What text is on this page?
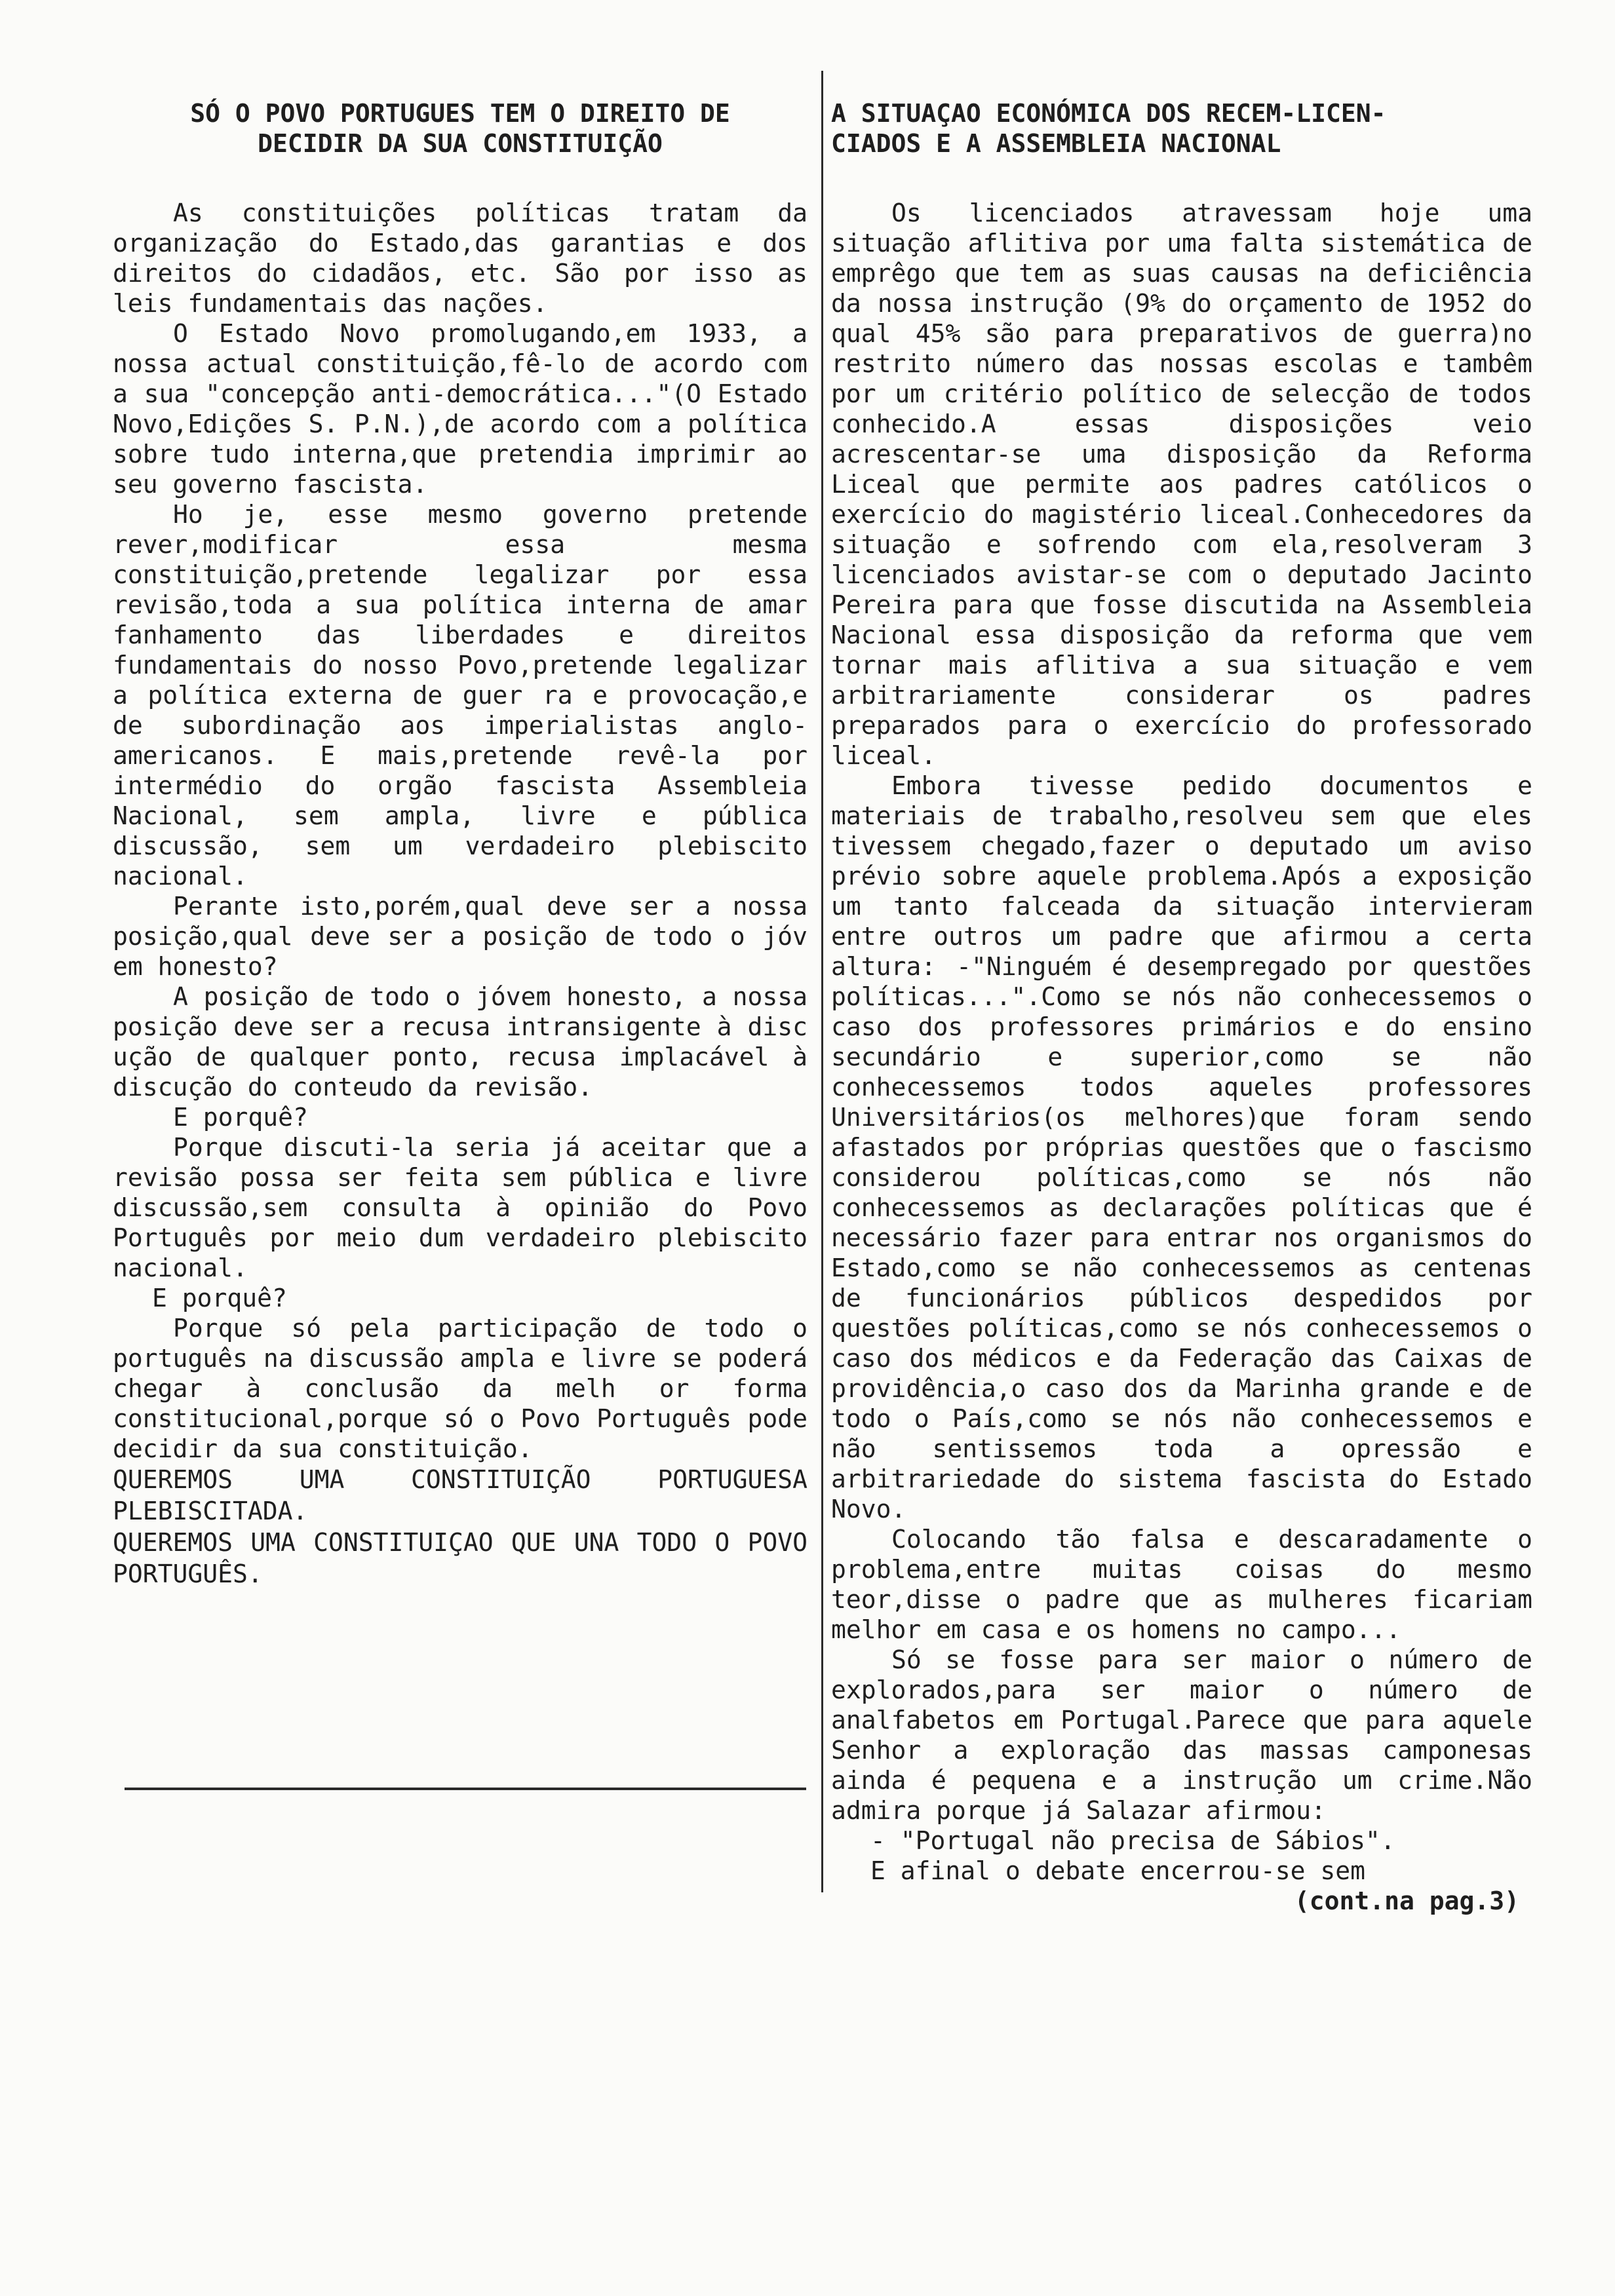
SÓ O POVO PORTUGUES TEM O DIREITO DE
DECIDIR DA SUA CONSTITUIÇÃO

As constituições políticas tratam da organização do Estado,das garantias e dos direitos do cidadãos, etc. São por isso as leis fundamentais das nações.

O Estado Novo promolugando,em 1933, a nossa actual constituição,fê-lo de acordo com a sua "concepção anti-democrática..."(O Estado Novo,Edições S. P.N.),de acordo com a política sobre tudo interna,que pretendia imprimir ao seu governo fascista.

Ho je, esse mesmo governo pretende rever,modificar essa mesma constituição,pretende legalizar por essa revisão,toda a sua política interna de amar fanhamento das liberdades e direitos fundamentais do nosso Povo,pretende legalizar a política externa de guer ra e provocação,e de subordinação aos imperialistas anglo-americanos. E mais,pretende revê-la por intermédio do orgão fascista Assembleia Nacional, sem ampla, livre e pública discussão, sem um verdadeiro plebiscito nacional.

Perante isto,porém,qual deve ser a nossa posição,qual deve ser a posição de todo o jóv em honesto?

A posição de todo o jóvem honesto, a nossa posição deve ser a recusa intransigente à disc ução de qualquer ponto, recusa implacável à discução do conteudo da revisão.

E porquê?

Porque discuti-la seria já aceitar que a revisão possa ser feita sem pública e livre discussão,sem consulta à opinião do Povo Português por meio dum verdadeiro plebiscito nacional.

E porquê?

Porque só pela participação de todo o português na discussão ampla e livre se poderá chegar à conclusão da melh or forma constitucional,porque só o Povo Português pode decidir da sua constituição.

QUEREMOS UMA CONSTITUIÇÃO PORTUGUESA PLEBISCITADA.

QUEREMOS UMA CONSTITUIÇAO QUE UNA TODO O POVO PORTUGUÊS.

A SITUAÇAO ECONÓMICA DOS RECEM-LICEN-
CIADOS E A ASSEMBLEIA NACIONAL

Os licenciados atravessam hoje uma situação aflitiva por uma falta sistemática de emprêgo que tem as suas causas na deficiência da nossa instrução (9% do orçamento de 1952 do qual 45% são para preparativos de guerra)no restrito número das nossas escolas e tambêm por um critério político de selecção de todos conhecido.A essas disposições veio acrescentar-se uma disposição da Reforma Liceal que permite aos padres católicos o exercício do magistério liceal.Conhecedores da situação e sofrendo com ela,resolveram 3 licenciados avistar-se com o deputado Jacinto Pereira para que fosse discutida na Assembleia Nacional essa disposição da reforma que vem tornar mais aflitiva a sua situação e vem arbitrariamente considerar os padres preparados para o exercício do professorado liceal.

Embora tivesse pedido documentos e materiais de trabalho,resolveu sem que eles tivessem chegado,fazer o deputado um aviso prévio sobre aquele problema.Após a exposição um tanto falceada da situação intervieram entre outros um padre que afirmou a certa altura: -"Ninguém é desempregado por questões políticas...".Como se nós não conhecessemos o caso dos professores primários e do ensino secundário e superior,como se não conhecessemos todos aqueles professores Universitários(os melhores)que foram sendo afastados por próprias questões que o fascismo considerou políticas,como se nós não conhecessemos as declarações políticas que é necessário fazer para entrar nos organismos do Estado,como se não conhecessemos as centenas de funcionários públicos despedidos por questões políticas,como se nós conhecessemos o caso dos médicos e da Federação das Caixas de providência,o caso dos da Marinha grande e de todo o País,como se nós não conhecessemos e não sentissemos toda a opressão e arbitrariedade do sistema fascista do Estado Novo.

Colocando tão falsa e descaradamente o problema,entre muitas coisas do mesmo teor,disse o padre que as mulheres ficariam melhor em casa e os homens no campo...

Só se fosse para ser maior o número de explorados,para ser maior o número de analfabetos em Portugal.Parece que para aquele Senhor a exploração das massas camponesas ainda é pequena e a instrução um crime.Não admira porque já Salazar afirmou:

- "Portugal não precisa de Sábios".

E afinal o debate encerrou-se sem

(cont.na pag.3)
